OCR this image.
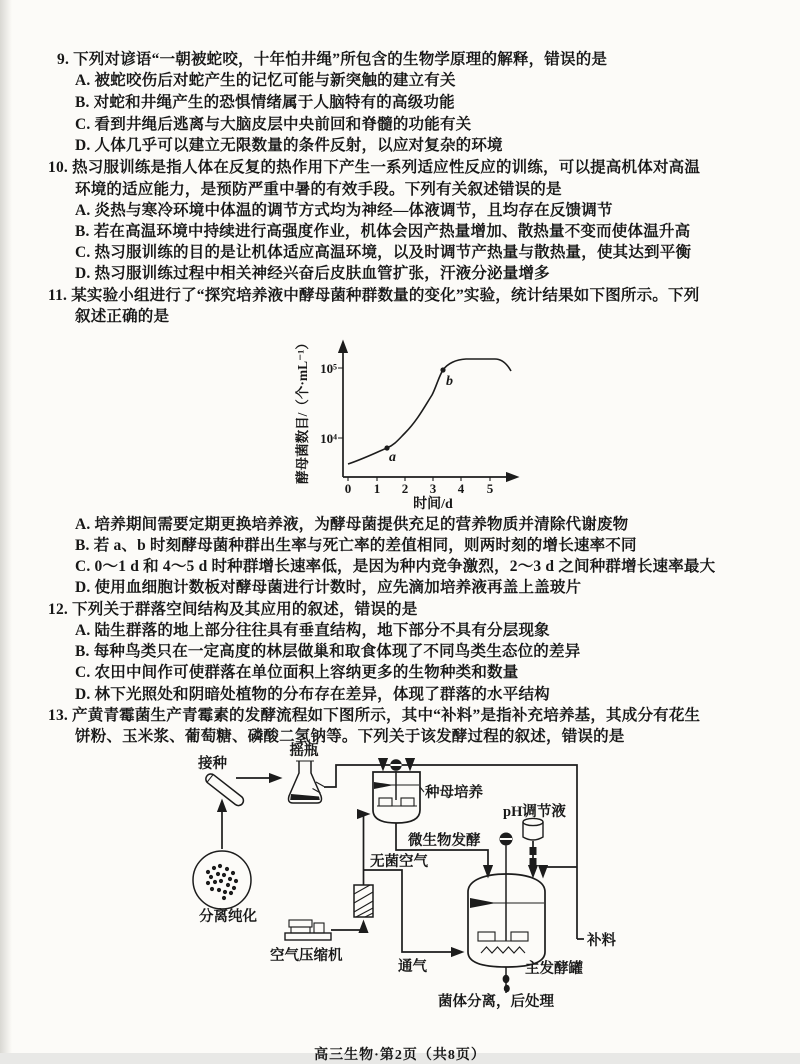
9. 下列对谚语“一朝被蛇咬，十年怕井绳”所包含的生物学原理的解释，错误的是
A. 被蛇咬伤后对蛇产生的记忆可能与新突触的建立有关
B. 对蛇和井绳产生的恐惧情绪属于人脑特有的高级功能
C. 看到井绳后逃离与大脑皮层中央前回和脊髓的功能有关
D. 人体几乎可以建立无限数量的条件反射，以应对复杂的环境
10. 热习服训练是指人体在反复的热作用下产生一系列适应性反应的训练，可以提高机体对高温
环境的适应能力，是预防严重中暑的有效手段。下列有关叙述错误的是
A. 炎热与寒冷环境中体温的调节方式均为神经—体液调节，且均存在反馈调节
B. 若在高温环境中持续进行高强度作业，机体会因产热量增加、散热量不变而使体温升高
C. 热习服训练的目的是让机体适应高温环境，以及时调节产热量与散热量，使其达到平衡
D. 热习服训练过程中相关神经兴奋后皮肤血管扩张，汗液分泌量增多
11. 某实验小组进行了“探究培养液中酵母菌种群数量的变化”实验，统计结果如下图所示。下列
叙述正确的是
10⁵
10⁴
0 1 2 3 4 5
时间/d
酵母菌数目/（个·mL⁻¹）	a
b
A. 培养期间需要定期更换培养液，为酵母菌提供充足的营养物质并清除代谢废物
B. 若 a、b 时刻酵母菌种群出生率与死亡率的差值相同，则两时刻的增长速率不同
C. 0～1 d 和 4～5 d 时种群增长速率低，是因为种内竞争激烈，2～3 d 之间种群增长速率最大
D. 使用血细胞计数板对酵母菌进行计数时，应先滴加培养液再盖上盖玻片
12. 下列关于群落空间结构及其应用的叙述，错误的是
A. 陆生群落的地上部分往往具有垂直结构，地下部分不具有分层现象
B. 每种鸟类只在一定高度的林层做巢和取食体现了不同鸟类生态位的差异
C. 农田中间作可使群落在单位面积上容纳更多的生物种类和数量
D. 林下光照处和阴暗处植物的分布存在差异，体现了群落的水平结构
13. 产黄青霉菌生产青霉素的发酵流程如下图所示，其中“补料”是指补充培养基，其成分有花生
饼粉、玉米浆、葡萄糖、磷酸二氢钠等。下列关于该发酵过程的叙述，错误的是
接种
摇瓶
补料
种母培养
微生物发酵
分离纯化
无菌空气
通气
空气压缩机
pH调节液
主发酵罐
菌体分离，后处理
高三生物·第2页（共8页）
